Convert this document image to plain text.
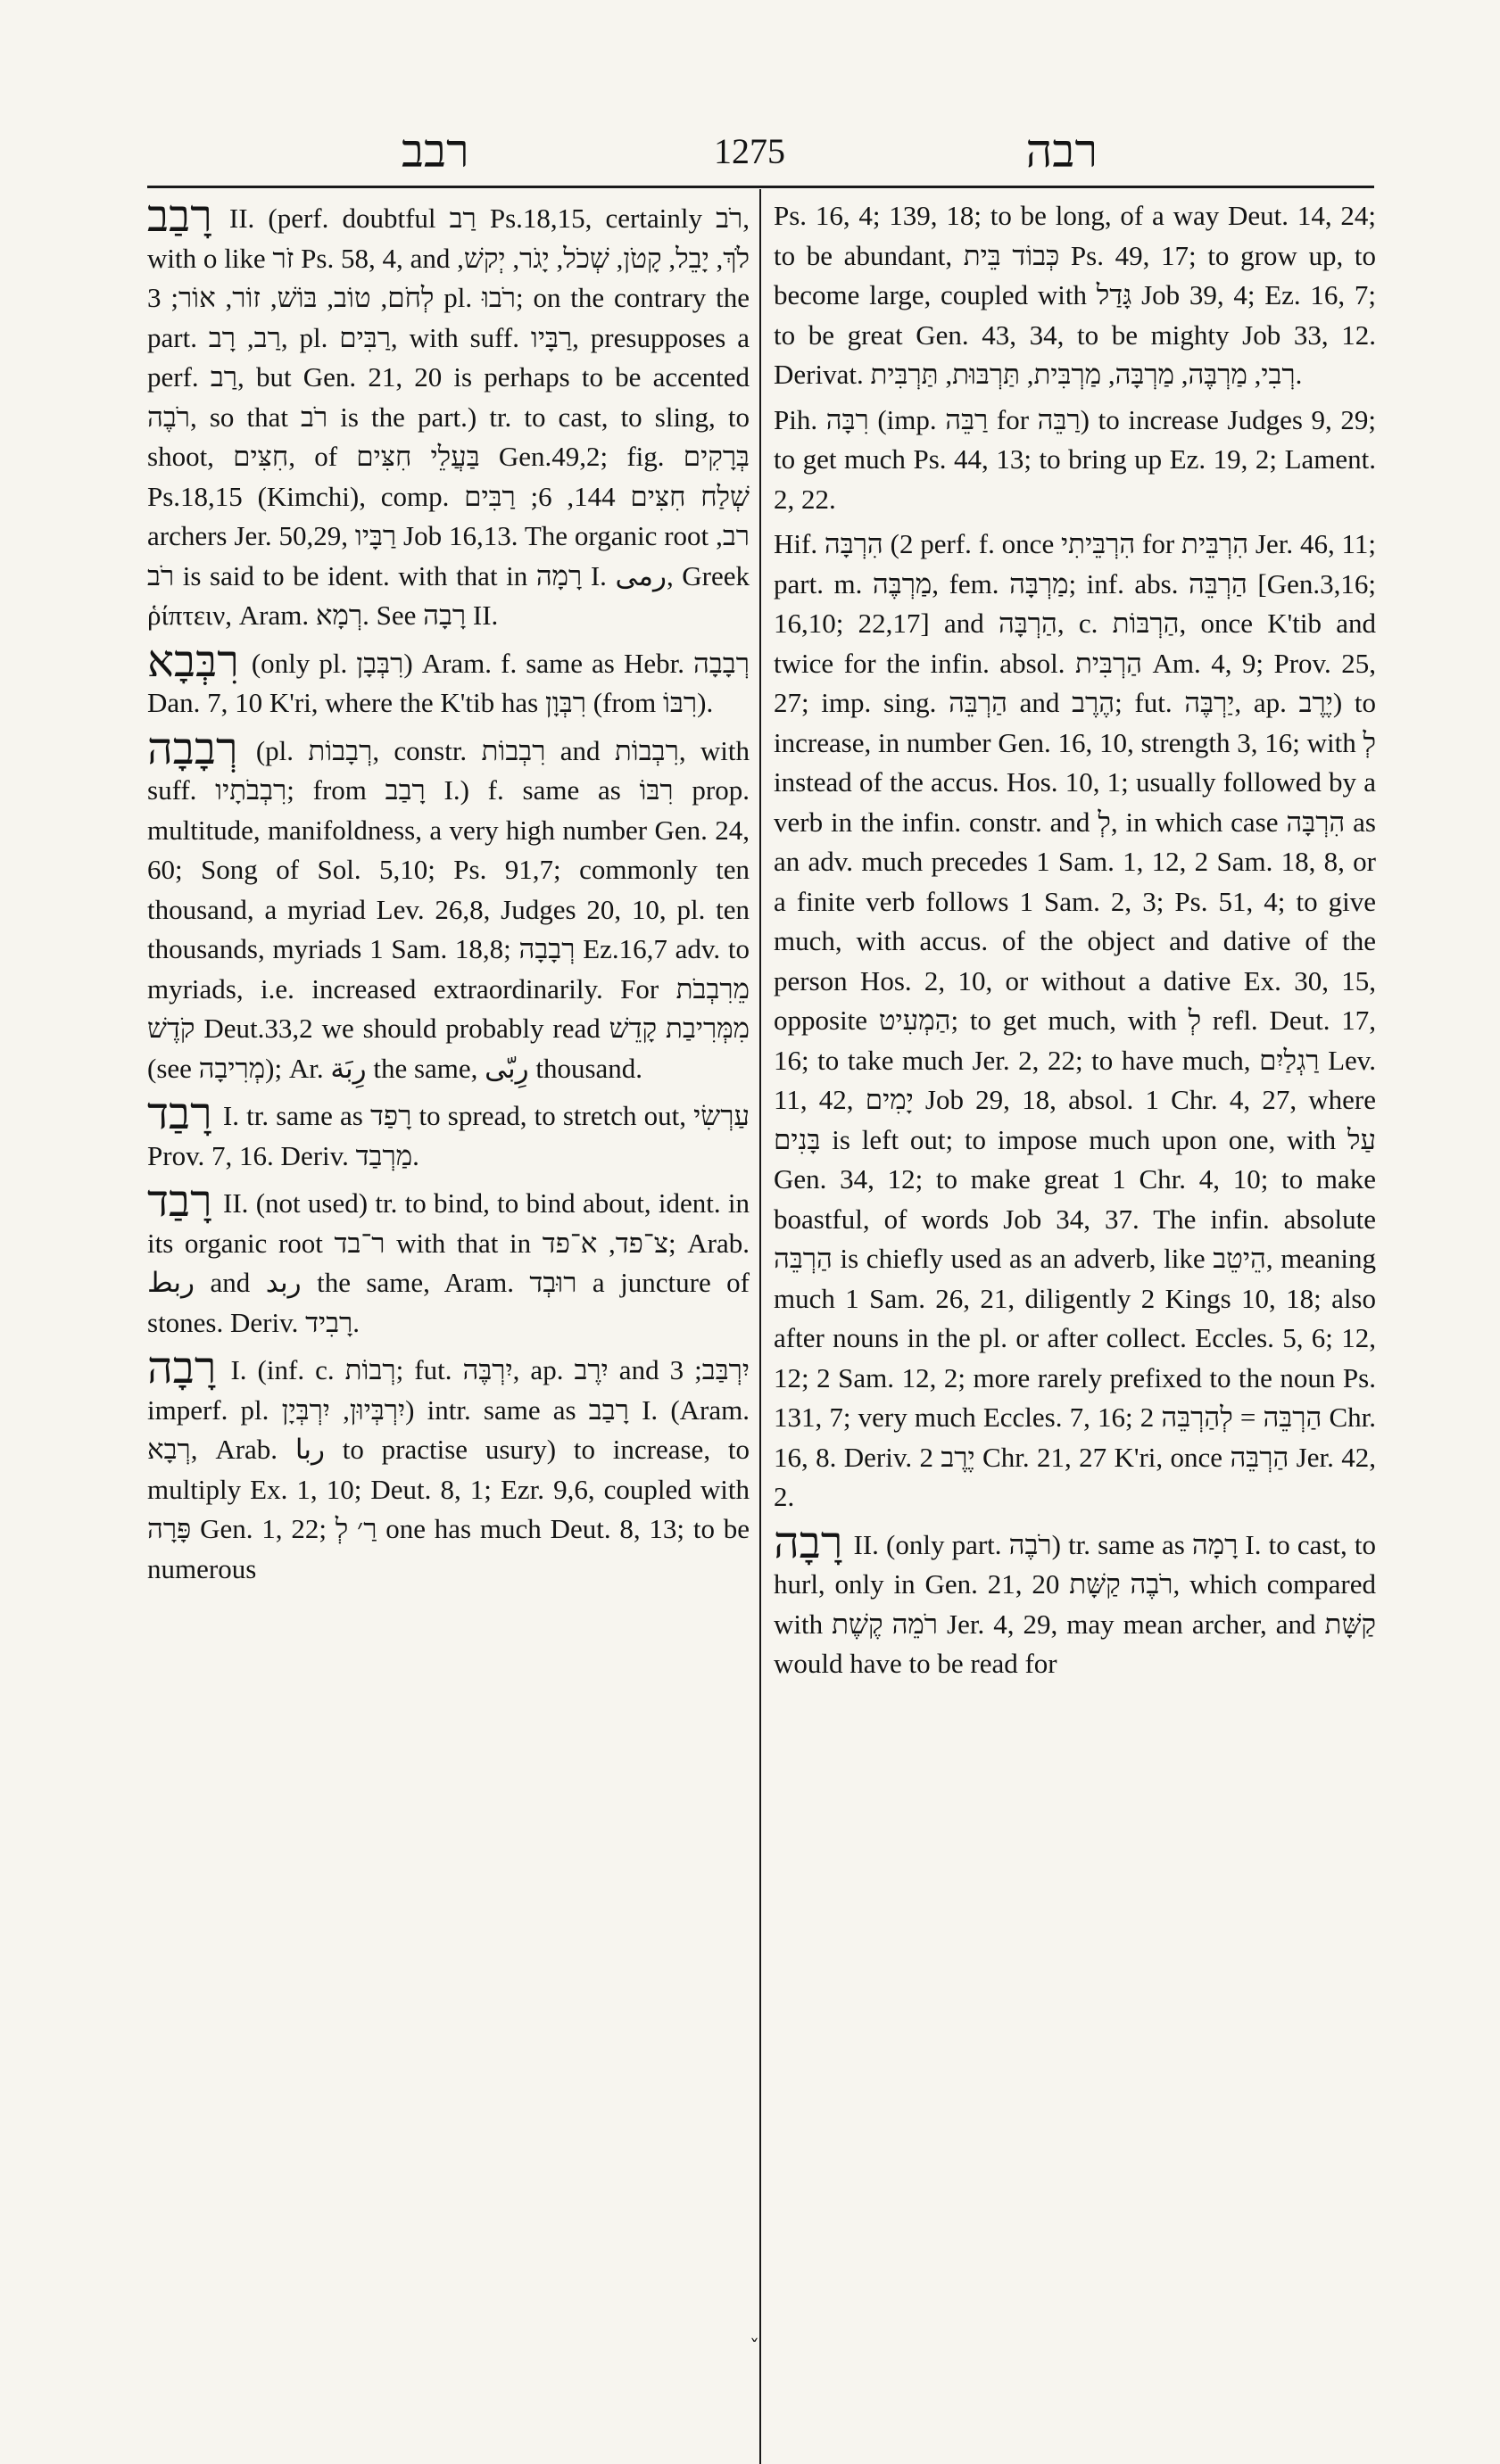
רבב	1275	רבה

רָבַב II. (perf. doubtful רַב Ps.18,15, certainly רֹב, with o like זֹר Ps. 58, 4, and לֹךְ, יָבֵל, קָטֹן, שְׁכֹל, יָגֹר, יְקשׁ, לְחֹם, טוֹב, בּוֹשׁ, זוֹר, אוֹר; 3 pl. רֹבוּ; on the contrary the part. רַב, רָב, pl. רַבִּים, with suff. רַבָּיו, presupposes a perf. רַב, but Gen. 21, 20 is perhaps to be accented רֹבֶה, so that רֹב is the part.) tr. to cast, to sling, to shoot, חִצִּים, of בַּעֲלֵי חִצִּים Gen.49,2; fig. בְּרָקִים Ps.18,15 (Kimchi), comp. שְׁלַח חִצִּים 144, 6; רַבִּים archers Jer. 50,29, רַבָּיו Job 16,13. The organic root רב, רֹב is said to be ident. with that in רָמָה I. رمى, Greek ῥίπτειν, Aram. רְמָא. See רָבָה II.

רִבְּבָא (only pl. רִבְּבָן) Aram. f. same as Hebr. רְבָבָה Dan. 7, 10 K'ri, where the K'tib has רִבְּוָן (from רִבּוֹ).

רְבָבָה (pl. רְבָבוֹת, constr. רִבְבוֹת and רִבְבוֹת, with suff. רִבְבֹתָיו; from רָבַב I.) f. same as רִבּוֹ prop. multitude, manifoldness, a very high number Gen. 24, 60; Song of Sol. 5,10; Ps. 91,7; commonly ten thousand, a myriad Lev. 26,8, Judges 20, 10, pl. ten thousands, myriads 1 Sam. 18,8; רְבָבָה Ez.16,7 adv. to myriads, i.e. increased extraordinarily. For מֵרִבְבֹת קֹדֶשׁ Deut.33,2 we should probably read מִמְּרִיבַת קָדֵשׁ (see מְרִיבָה); Ar. رِبَة the same, رِبّى thousand.

רָבַד I. tr. same as רָפַד to spread, to stretch out, עַרְשִׂי Prov. 7, 16. Deriv. מַרְבַד.

רָבַד II. (not used) tr. to bind, to bind about, ident. in its organic root ר־בד with that in צ־פד, א־פד; Arab. ربط and ربد the same, Aram. רוּבְד a juncture of stones. Deriv. רָבִיד.

רָבָה I. (inf. c. רְבוֹת; fut. יִרְבֶּה, ap. יִרֶב and יִרְבַּב; 3 imperf. pl. יִרְבְּיוּן, יִרְבְּיָן) intr. same as רָבַב I. (Aram. רְבָא, Arab. ربا to practise usury) to increase, to multiply Ex. 1, 10; Deut. 8, 1; Ezr. 9,6, coupled with פָּרָה Gen. 1, 22; רַ׳ לְ one has much Deut. 8, 13; to be numerous

Ps. 16, 4; 139, 18; to be long, of a way Deut. 14, 24; to be abundant, כְּבוֹד בֵּית Ps. 49, 17; to grow up, to become large, coupled with גָּדַל Job 39, 4; Ez. 16, 7; to be great Gen. 43, 34, to be mighty Job 33, 12. Derivat. רְבִי, מַרְבֶּה, מַרְבָּה, מַרְבִּית, תַּרְבּוּת, תַּרְבִּית.

Pih. רִבָּה (imp. רַבֵּה for רַבֵּה) to increase Judges 9, 29; to get much Ps. 44, 13; to bring up Ez. 19, 2; Lament. 2, 22.

Hif. הִרְבָּה (2 perf. f. once הִרְבֵּיתִי for הִרְבֵּית Jer. 46, 11; part. m. מַרְבֶּה, fem. מַרְבָּה; inf. abs. הַרְבֵּה [Gen.3,16; 16,10; 22,17] and הַרְבָּה, c. הַרְבּוֹת, once K'tib and twice for the infin. absol. הַרְבִּית Am. 4, 9; Prov. 25, 27; imp. sing. הַרְבֵּה and הֶרֶב; fut. יַרְבֶּה, ap. יֶרֶב) to increase, in number Gen. 16, 10, strength 3, 16; with לְ instead of the accus. Hos. 10, 1; usually followed by a verb in the infin. constr. and לְ, in which case הִרְבָּה as an adv. much precedes 1 Sam. 1, 12, 2 Sam. 18, 8, or a finite verb follows 1 Sam. 2, 3; Ps. 51, 4; to give much, with accus. of the object and dative of the person Hos. 2, 10, or without a dative Ex. 30, 15, opposite הַמְעִיט; to get much, with לְ refl. Deut. 17, 16; to take much Jer. 2, 22; to have much, רַגְלַיִם Lev. 11, 42, יָמִים Job 29, 18, absol. 1 Chr. 4, 27, where בָּנִים is left out; to impose much upon one, with עַל Gen. 34, 12; to make great 1 Chr. 4, 10; to make boastful, of words Job 34, 37. The infin. absolute הַרְבֵּה is chiefly used as an adverb, like הֵיטֵב, meaning much 1 Sam. 26, 21, diligently 2 Kings 10, 18; also after nouns in the pl. or after collect. Eccles. 5, 6; 12, 12; 2 Sam. 12, 2; more rarely prefixed to the noun Ps. 131, 7; very much Eccles. 7, 16; הַרְבֵּה = לְהַרְבֵּה 2 Chr. 16, 8. Deriv. יֶרֶב 2 Chr. 21, 27 K'ri, once הַרְבֵּה Jer. 42, 2.

רָבָה II. (only part. רֹבֶה) tr. same as רָמָה I. to cast, to hurl, only in Gen. 21, 20 רֹבֶה קַשָּׁת, which compared with רֹמֵה קֶשֶׁת Jer. 4, 29, may mean archer, and קַשָּׁת would have to be read for

ˇ
